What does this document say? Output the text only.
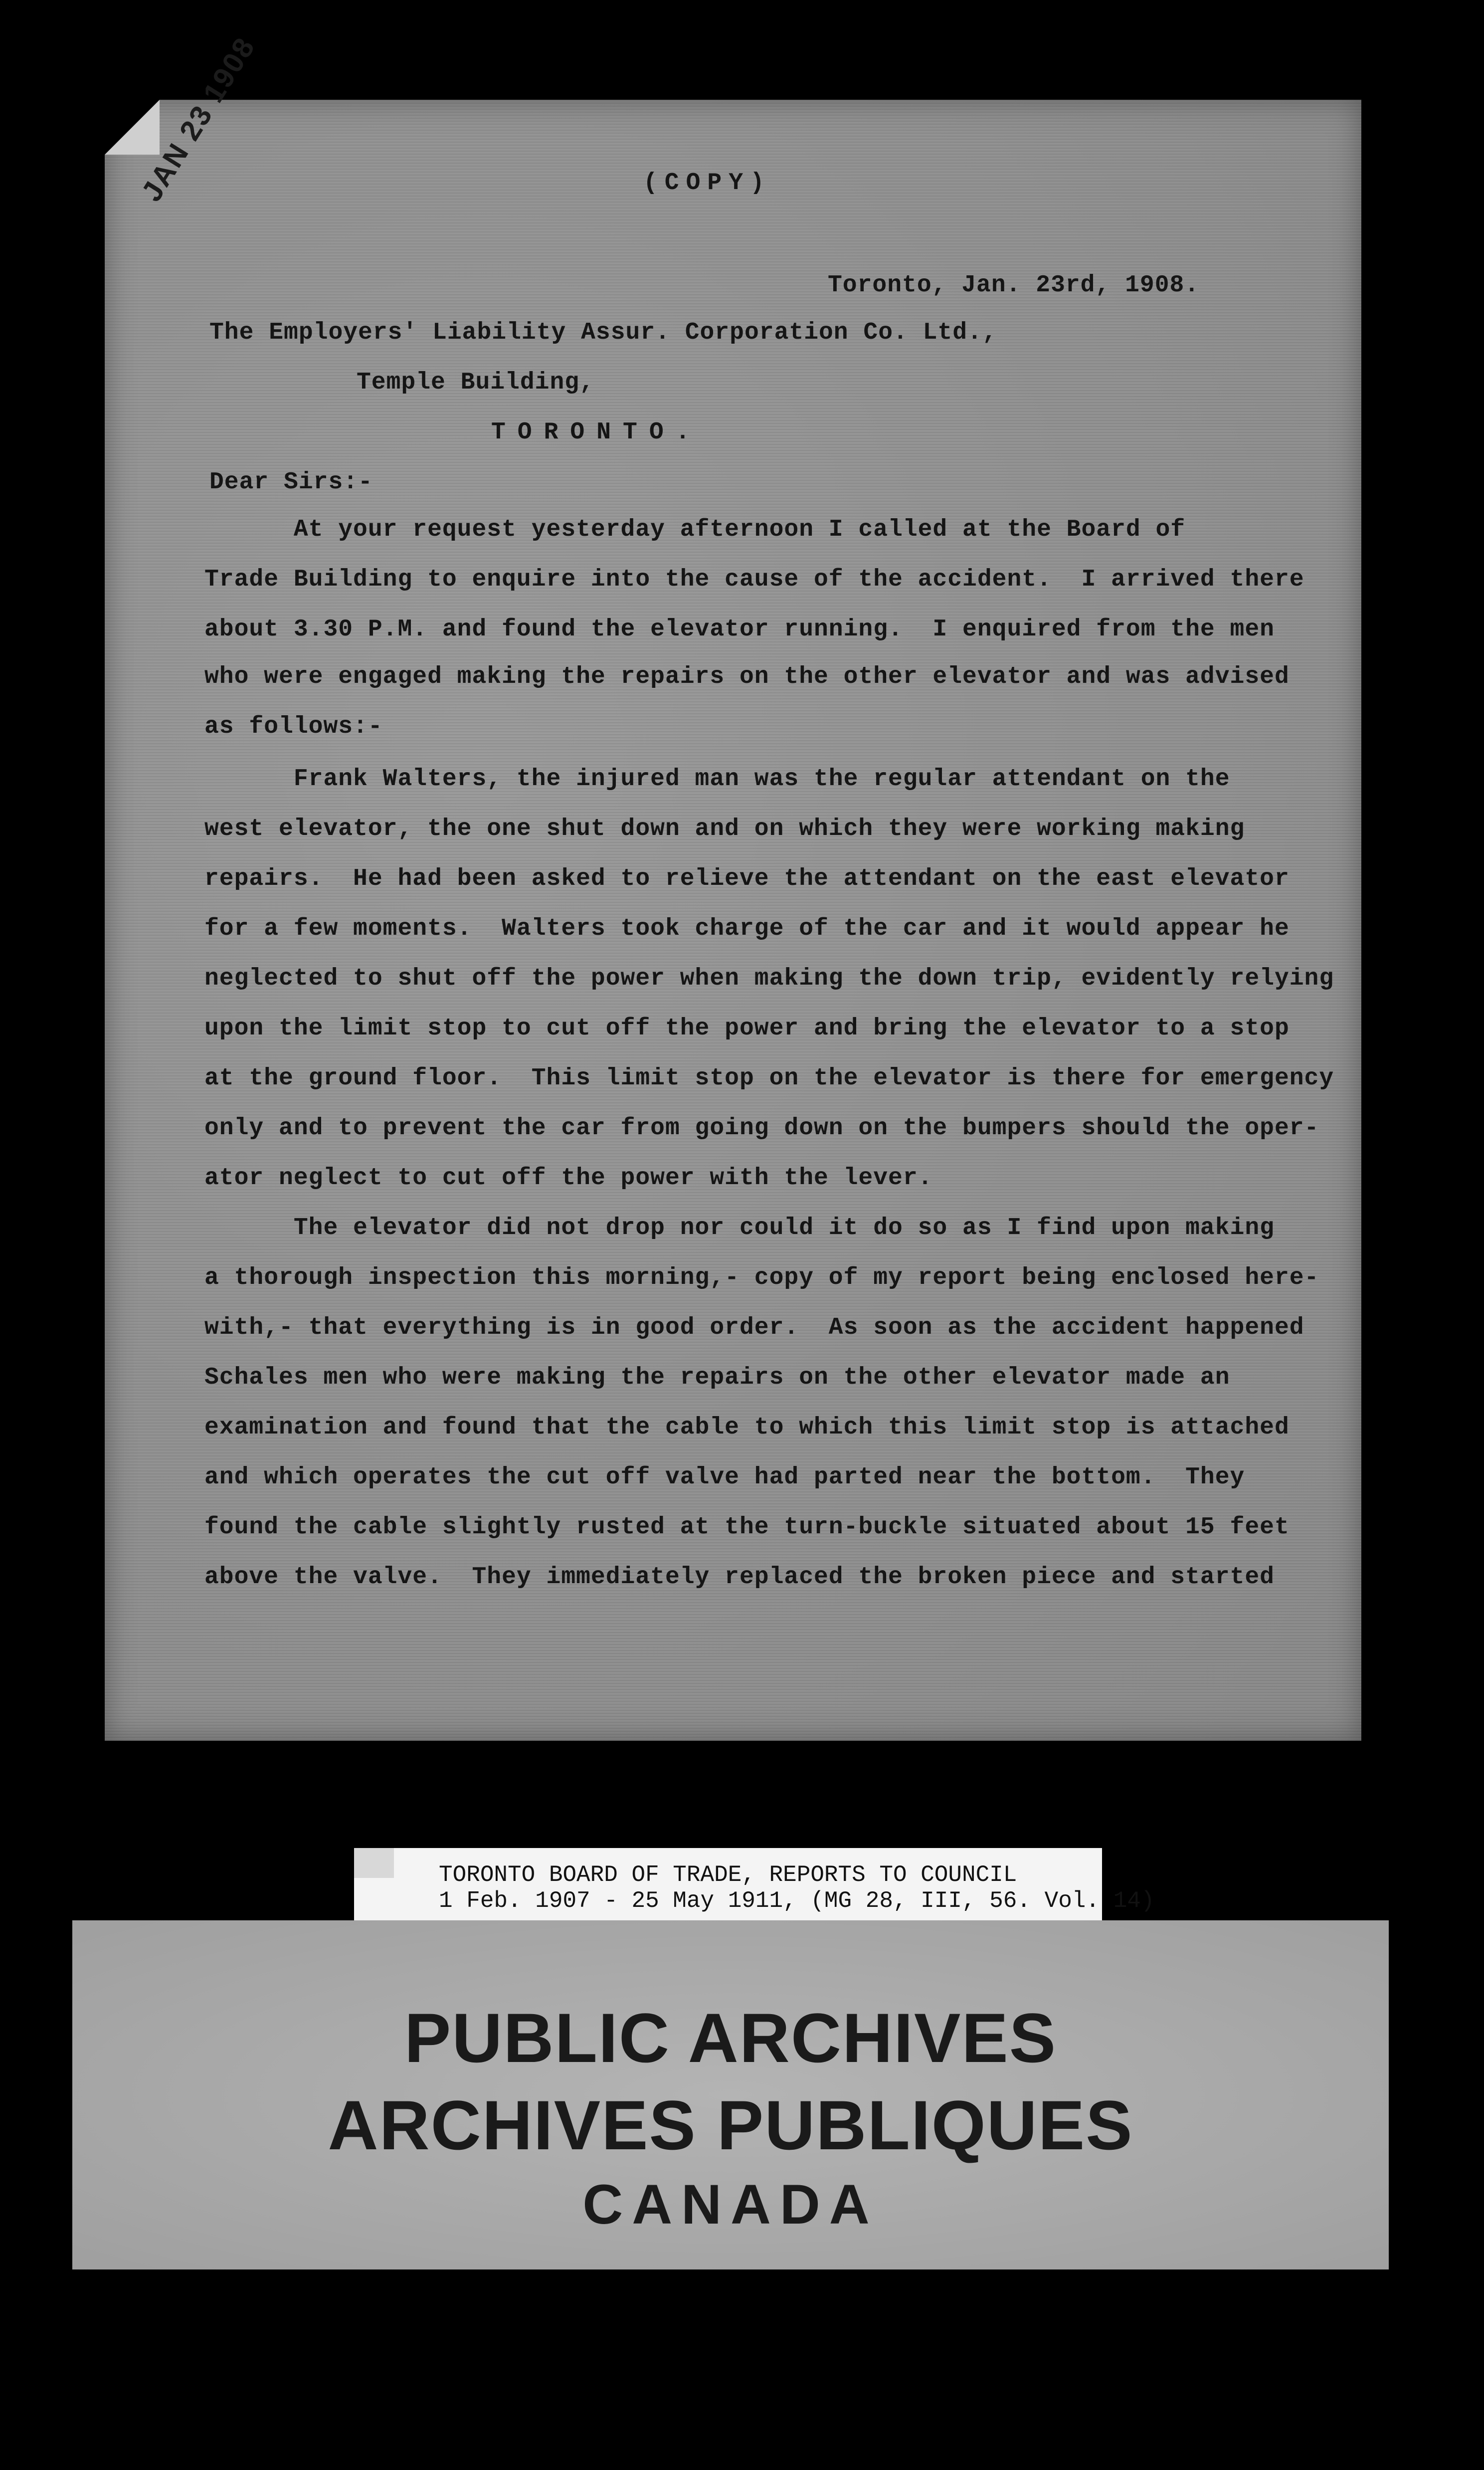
JAN 23 1908	(COPY)
Toronto, Jan. 23rd, 1908.
The Employers' Liability Assur. Corporation Co. Ltd.,
Temple Building,
TORONTO.
Dear Sirs:-
At your request yesterday afternoon I called at the Board of
Trade Building to enquire into the cause of the accident.  I arrived there
about 3.30 P.M. and found the elevator running.  I enquired from the men
who were engaged making the repairs on the other elevator and was advised
as follows:-
Frank Walters, the injured man was the regular attendant on the
west elevator, the one shut down and on which they were working making
repairs.  He had been asked to relieve the attendant on the east elevator
for a few moments.  Walters took charge of the car and it would appear he
neglected to shut off the power when making the down trip, evidently relying
upon the limit stop to cut off the power and bring the elevator to a stop
at the ground floor.  This limit stop on the elevator is there for emergency
only and to prevent the car from going down on the bumpers should the oper-
ator neglect to cut off the power with the lever.
The elevator did not drop nor could it do so as I find upon making
a thorough inspection this morning,- copy of my report being enclosed here-
with,- that everything is in good order.  As soon as the accident happened
Schales men who were making the repairs on the other elevator made an
examination and found that the cable to which this limit stop is attached
and which operates the cut off valve had parted near the bottom.  They
found the cable slightly rusted at the turn-buckle situated about 15 feet
above the valve.  They immediately replaced the broken piece and started
TORONTO BOARD OF TRADE, REPORTS TO COUNCIL
1 Feb. 1907 - 25 May 1911, (MG 28, III, 56. Vol. 14)
PUBLIC ARCHIVES
ARCHIVES PUBLIQUES
CANADA
